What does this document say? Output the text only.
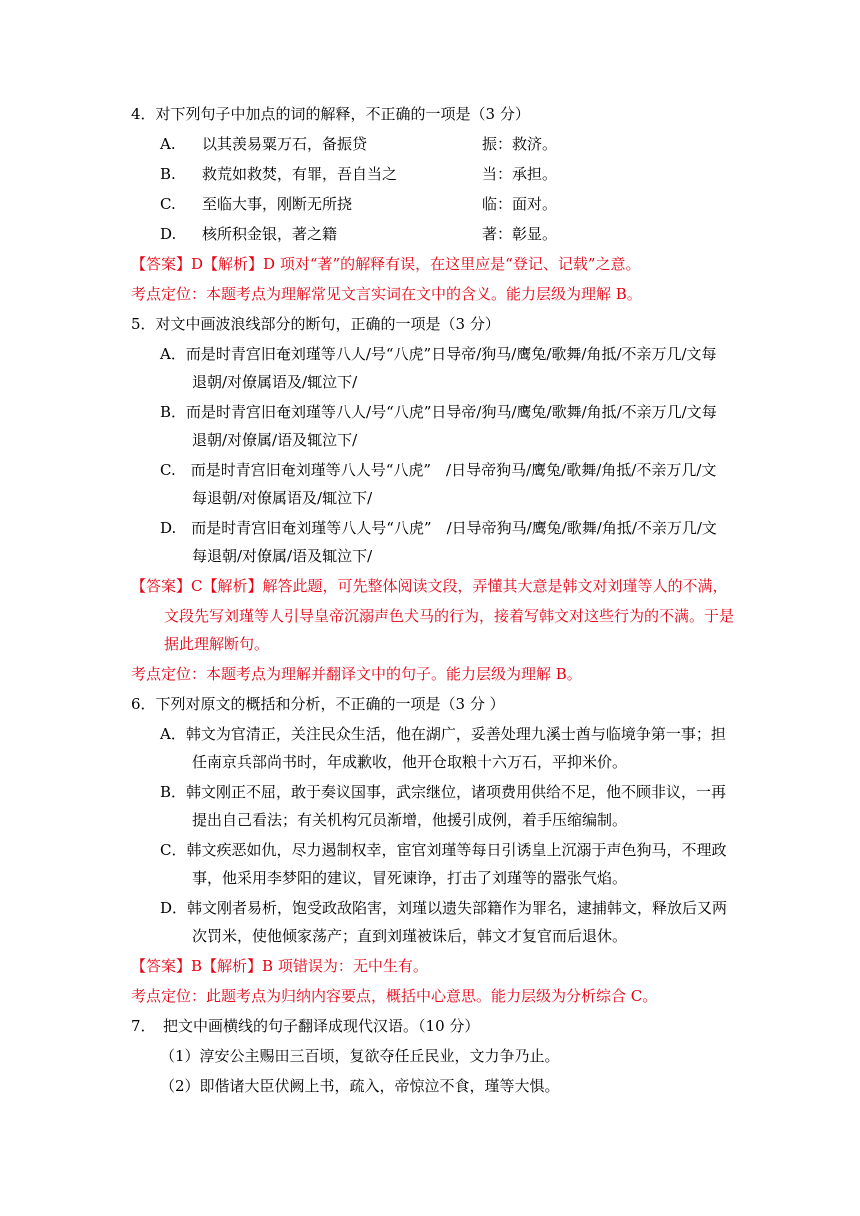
4．对下列句子中加点的词的解释，不正确的一项是（3 分）
A. 以其羡易粟万石，备振贷	振：救济。
B. 救荒如救焚，有罪，吾自当之	当：承担。
C. 至临大事，刚断无所挠	临：面对。
D. 核所积金银，著之籍	著：彰显。
【答案】D【解析】D 项对“著”的解释有误，在这里应是“登记、记载”之意。
考点定位：本题考点为理解常见文言实词在文中的含义。能力层级为理解 B。
5．对文中画波浪线部分的断句，正确的一项是（3 分）
A．而是时青宫旧奄刘瑾等八人/号“八虎”日导帝/狗马/鹰兔/歌舞/角抵/不亲万几/文每
退朝/对僚属语及/辄泣下/
B．而是时青宫旧奄刘瑾等八人/号“八虎”日导帝/狗马/鹰兔/歌舞/角抵/不亲万几/文每
退朝/对僚属/语及辄泣下/
C.　而是时青宫旧奄刘瑾等八人号“八虎”　/日导帝狗马/鹰兔/歌舞/角抵/不亲万几/文
每退朝/对僚属语及/辄泣下/
D.　而是时青宫旧奄刘瑾等八人号“八虎”　/日导帝狗马/鹰兔/歌舞/角抵/不亲万几/文
每退朝/对僚属/语及辄泣下/
【答案】C【解析】解答此题，可先整体阅读文段，弄懂其大意是韩文对刘瑾等人的不满，
文段先写刘瑾等人引导皇帝沉溺声色犬马的行为，接着写韩文对这些行为的不满。于是
据此理解断句。
考点定位：本题考点为理解并翻译文中的句子。能力层级为理解 B。
6．下列对原文的概括和分析，不正确的一项是（3 分 ）
A．韩文为官清正，关注民众生活，他在湖广，妥善处理九溪士酋与临境争第一事；担
任南京兵部尚书时，年成歉收，他开仓取粮十六万石，平抑米价。
B．韩文刚正不屈，敢于奏议国事，武宗继位，诸项费用供给不足，他不顾非议，一再
提出自己看法；有关机构冗员渐增，他援引成例，着手压缩编制。
C．韩文疾恶如仇，尽力遏制权幸，宦官刘瑾等每日引诱皇上沉溺于声色狗马，不理政
事，他采用李梦阳的建议，冒死谏诤，打击了刘瑾等的嚣张气焰。
D．韩文刚者易析，饱受政敌陷害，刘瑾以遗失部籍作为罪名，逮捕韩文，释放后又两
次罚米，使他倾家荡产；直到刘瑾被诛后，韩文才复官而后退休。
【答案】B【解析】B 项错误为：无中生有。
考点定位：此题考点为归纳内容要点，概括中心意思。能力层级为分析综合 C。
7．　把文中画横线的句子翻译成现代汉语。（10 分）
（1）淳安公主赐田三百顷，复欲夺任丘民业，文力争乃止。
（2）即偕诸大臣伏阙上书，疏入，帝惊泣不食，瑾等大惧。
